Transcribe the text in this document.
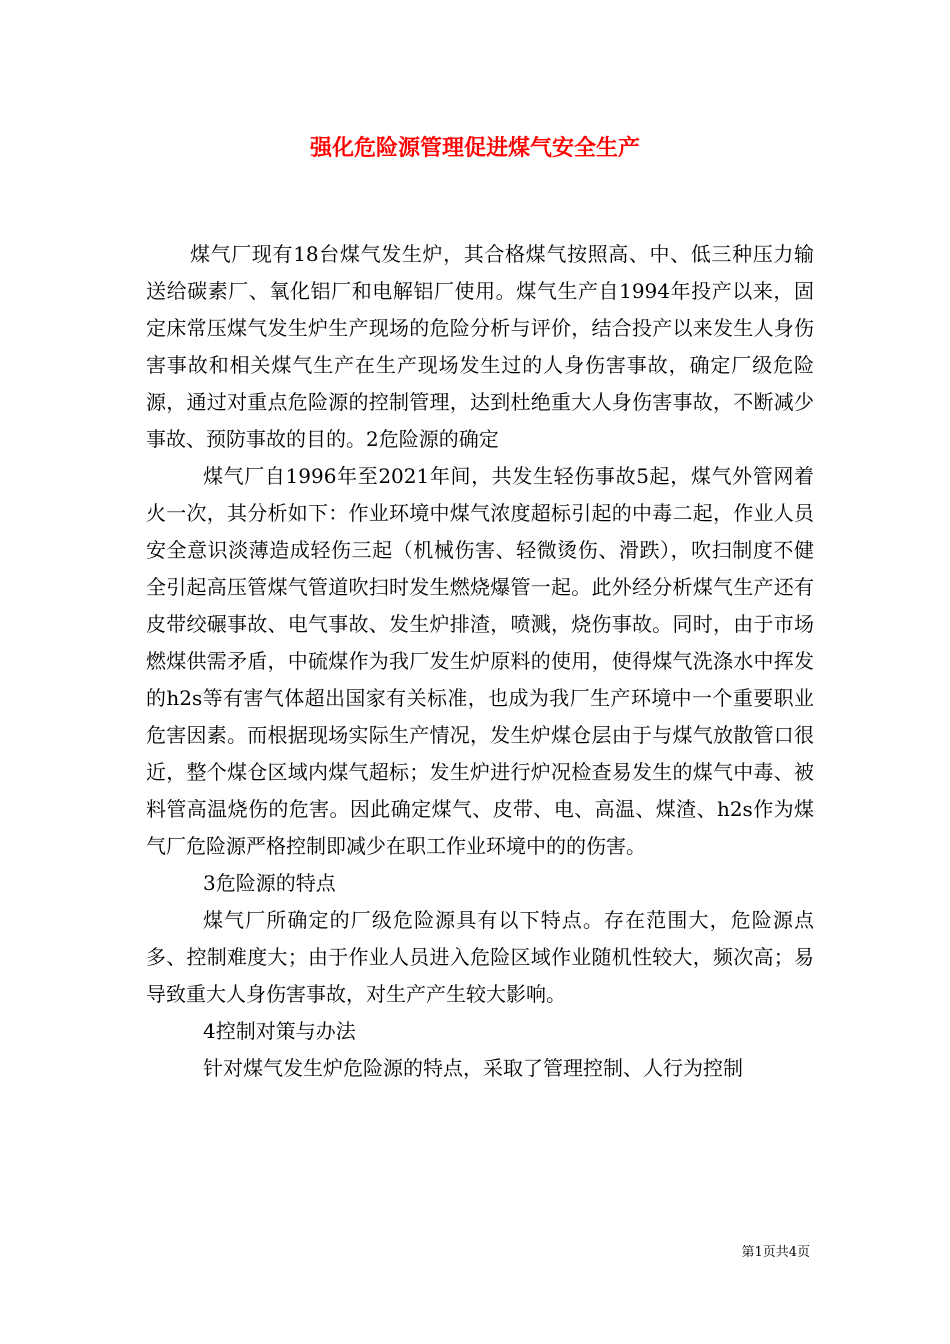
强化危险源管理促进煤气安全生产

煤气厂现有18台煤气发生炉，其合格煤气按照高、中、低三种压力输送给碳素厂、氧化铝厂和电解铝厂使用。煤气生产自1994年投产以来，固定床常压煤气发生炉生产现场的危险分析与评价，结合投产以来发生人身伤害事故和相关煤气生产在生产现场发生过的人身伤害事故，确定厂级危险源，通过对重点危险源的控制管理，达到杜绝重大人身伤害事故，不断减少事故、预防事故的目的。2危险源的确定

煤气厂自1996年至2021年间，共发生轻伤事故5起，煤气外管网着火一次，其分析如下：作业环境中煤气浓度超标引起的中毒二起，作业人员安全意识淡薄造成轻伤三起（机械伤害、轻微烫伤、滑跌），吹扫制度不健全引起高压管煤气管道吹扫时发生燃烧爆管一起。此外经分析煤气生产还有皮带绞碾事故、电气事故、发生炉排渣，喷溅，烧伤事故。同时，由于市场燃煤供需矛盾，中硫煤作为我厂发生炉原料的使用，使得煤气洗涤水中挥发的h2s等有害气体超出国家有关标准，也成为我厂生产环境中一个重要职业危害因素。而根据现场实际生产情况，发生炉煤仓层由于与煤气放散管口很近，整个煤仓区域内煤气超标；发生炉进行炉况检查易发生的煤气中毒、被料管高温烧伤的危害。因此确定煤气、皮带、电、高温、煤渣、h2s作为煤气厂危险源严格控制即减少在职工作业环境中的的伤害。

3危险源的特点

煤气厂所确定的厂级危险源具有以下特点。存在范围大，危险源点多、控制难度大；由于作业人员进入危险区域作业随机性较大，频次高；易导致重大人身伤害事故，对生产产生较大影响。

4控制对策与办法

针对煤气发生炉危险源的特点，采取了管理控制、人行为控制

第1页共4页
